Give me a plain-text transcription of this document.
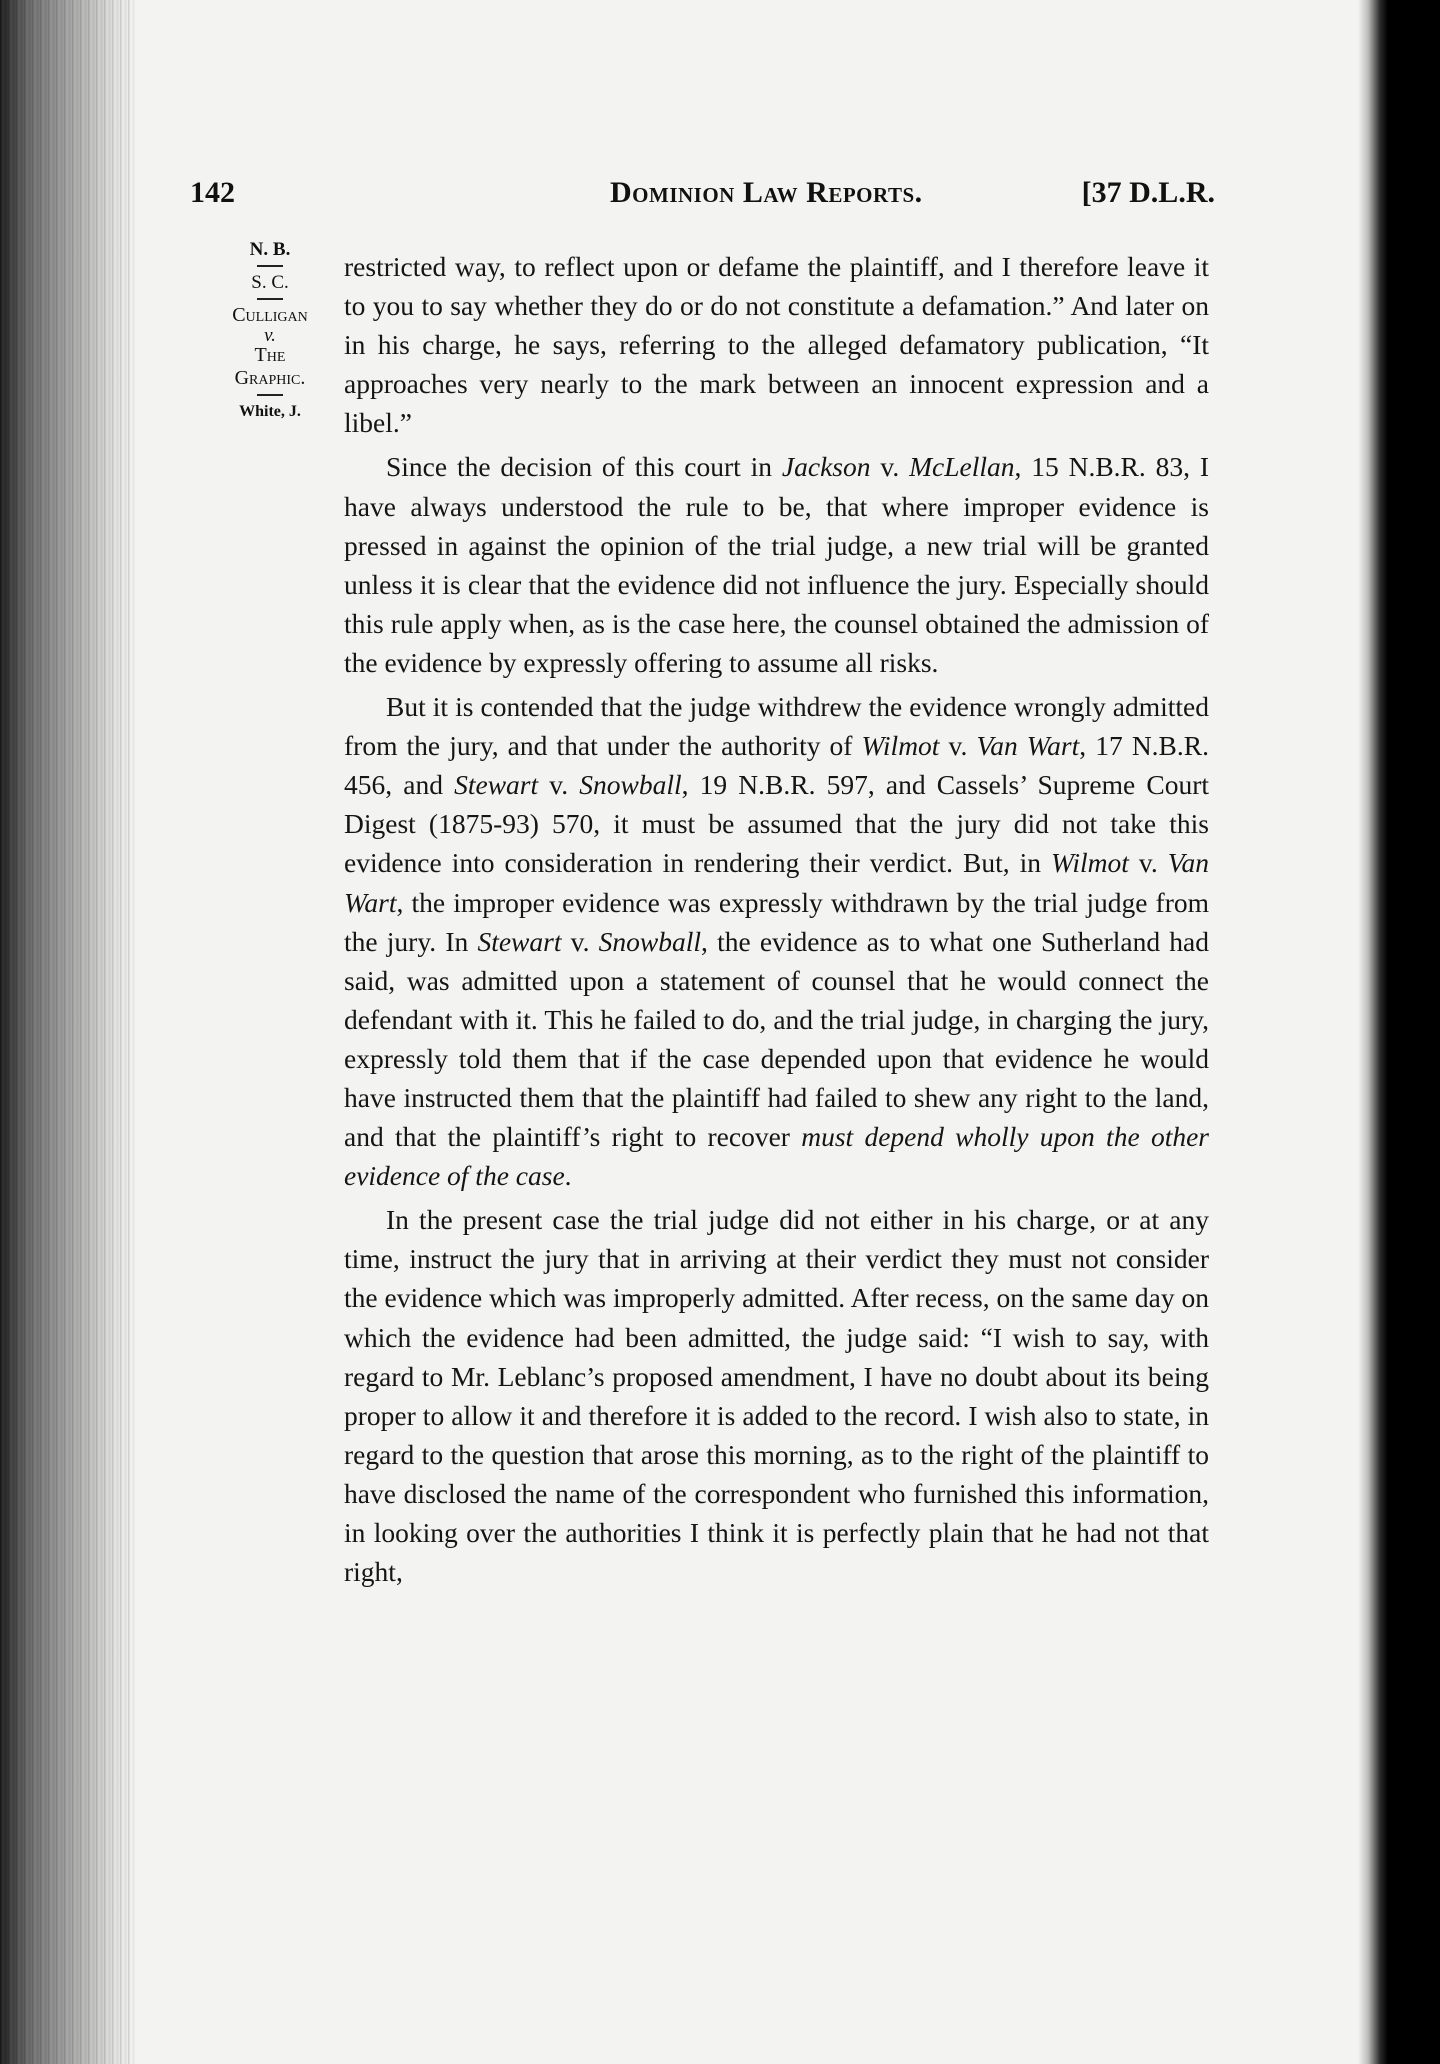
142	Dominion Law Reports.	[37 D.L.R.
N. B.
S. C.
Culligan
v.
The
Graphic.
White, J.

restricted way, to reflect upon or defame the plaintiff, and I therefore leave it to you to say whether they do or do not constitute a defamation.” And later on in his charge, he says, referring to the alleged defamatory publication, “It approaches very nearly to the mark between an innocent expression and a libel.”

Since the decision of this court in Jackson v. McLellan, 15 N.B.R. 83, I have always understood the rule to be, that where improper evidence is pressed in against the opinion of the trial judge, a new trial will be granted unless it is clear that the evidence did not influence the jury. Especially should this rule apply when, as is the case here, the counsel obtained the admission of the evidence by expressly offering to assume all risks.

But it is contended that the judge withdrew the evidence wrongly admitted from the jury, and that under the authority of Wilmot v. Van Wart, 17 N.B.R. 456, and Stewart v. Snowball, 19 N.B.R. 597, and Cassels’ Supreme Court Digest (1875-93) 570, it must be assumed that the jury did not take this evidence into consideration in rendering their verdict. But, in Wilmot v. Van Wart, the improper evidence was expressly withdrawn by the trial judge from the jury. In Stewart v. Snowball, the evidence as to what one Sutherland had said, was admitted upon a statement of counsel that he would connect the defendant with it. This he failed to do, and the trial judge, in charging the jury, expressly told them that if the case depended upon that evidence he would have instructed them that the plaintiff had failed to shew any right to the land, and that the plaintiff’s right to recover must depend wholly upon the other evidence of the case.

In the present case the trial judge did not either in his charge, or at any time, instruct the jury that in arriving at their verdict they must not consider the evidence which was improperly admitted. After recess, on the same day on which the evidence had been admitted, the judge said: “I wish to say, with regard to Mr. Leblanc’s proposed amendment, I have no doubt about its being proper to allow it and therefore it is added to the record. I wish also to state, in regard to the question that arose this morning, as to the right of the plaintiff to have disclosed the name of the correspondent who furnished this information, in looking over the authorities I think it is perfectly plain that he had not that right,
